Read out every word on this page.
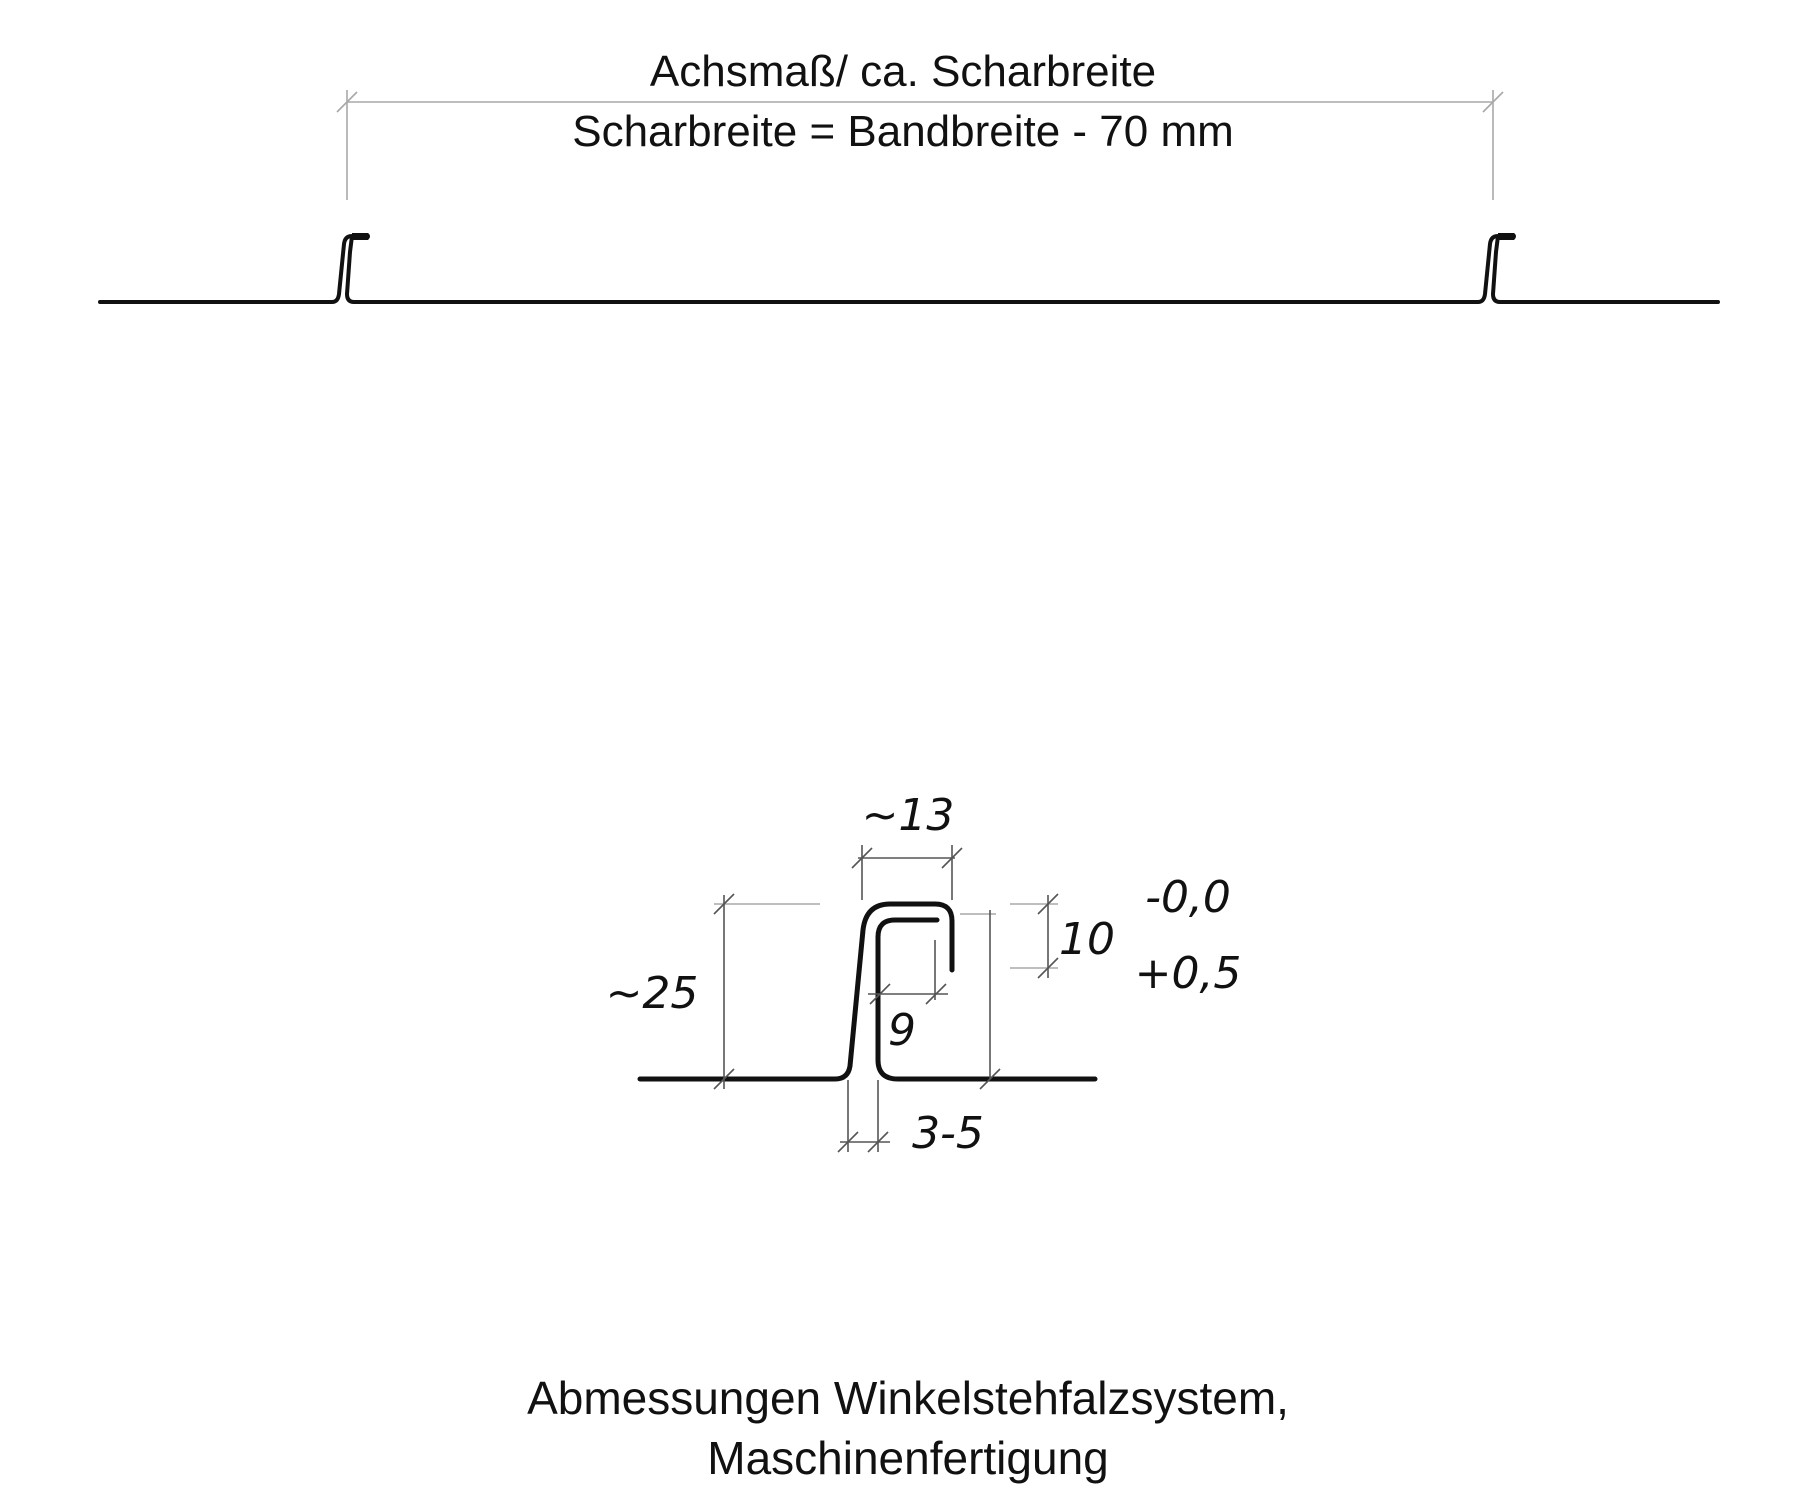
Achsmaß/ ca. Scharbreite
Scharbreite = Bandbreite - 70 mm
~13
~25
9
3-5
10
-0,0
+0,5
Abmessungen Winkelstehfalzsystem,
Maschinenfertigung
